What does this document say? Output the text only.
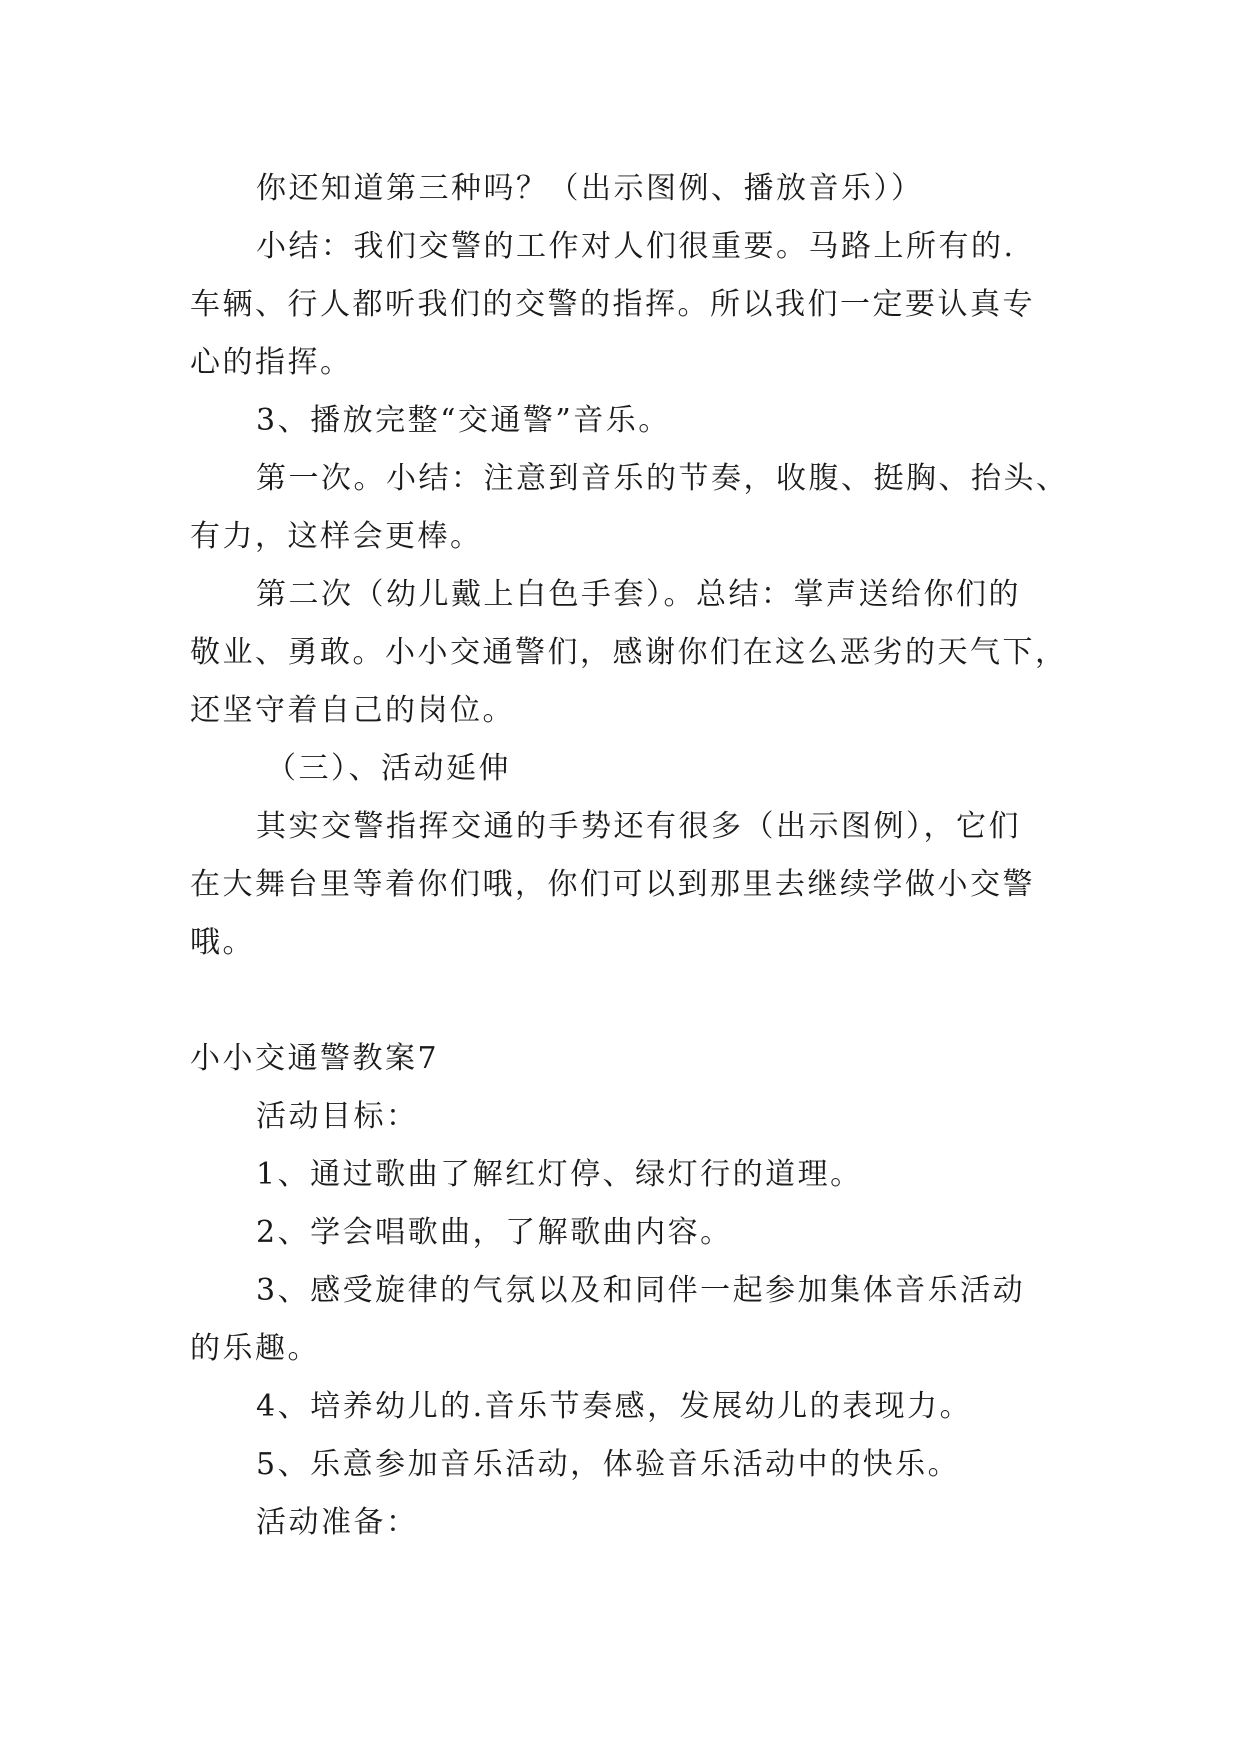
你还知道第三种吗？（出示图例、播放音乐））
小结：我们交警的工作对人们很重要。马路上所有的.
车辆、行人都听我们的交警的指挥。所以我们一定要认真专
心的指挥。
3、播放完整“交通警”音乐。
第一次。小结：注意到音乐的节奏，收腹、挺胸、抬头、
有力，这样会更棒。
第二次（幼儿戴上白色手套）。总结：掌声送给你们的
敬业、勇敢。小小交通警们，感谢你们在这么恶劣的天气下，
还坚守着自己的岗位。
（三）、活动延伸
其实交警指挥交通的手势还有很多（出示图例），它们
在大舞台里等着你们哦，你们可以到那里去继续学做小交警
哦。
小小交通警教案7
活动目标：
1、通过歌曲了解红灯停、绿灯行的道理。
2、学会唱歌曲，了解歌曲内容。
3、感受旋律的气氛以及和同伴一起参加集体音乐活动
的乐趣。
4、培养幼儿的.音乐节奏感，发展幼儿的表现力。
5、乐意参加音乐活动，体验音乐活动中的快乐。
活动准备：
